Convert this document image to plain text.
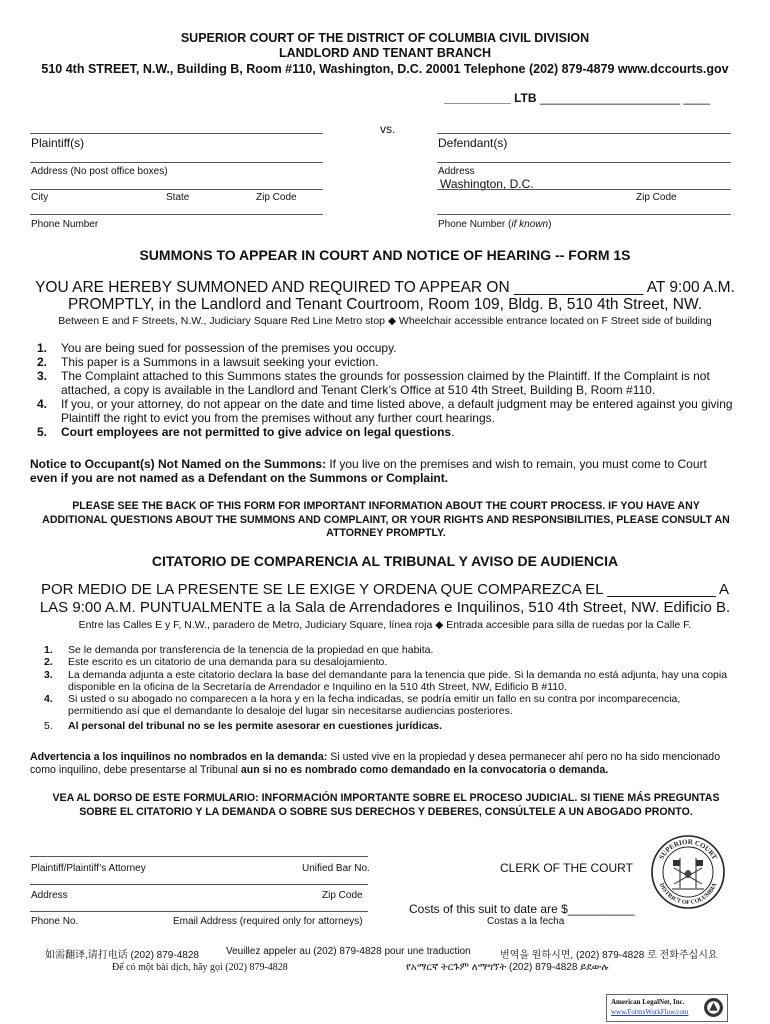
SUPERIOR COURT OF THE DISTRICT OF COLUMBIA CIVIL DIVISION
LANDLORD AND TENANT BRANCH
510 4th STREET, N.W., Building B, Room #110, Washington, D.C. 20001 Telephone (202) 879-4879 www.dccourts.gov
__________ LTB _____________________ ____
vs.
Plaintiff(s)	Defendant(s)
Address (No post office boxes)	Address
Washington, D.C.
City	State	Zip Code	Zip Code
Phone Number	Phone Number (if known)
SUMMONS TO APPEAR IN COURT AND NOTICE OF HEARING -- FORM 1S
YOU ARE HEREBY SUMMONED AND REQUIRED TO APPEAR ON _______________ AT 9:00 A.M.
PROMPTLY, in the Landlord and Tenant Courtroom, Room 109, Bldg. B, 510 4th Street, NW.
Between E and F Streets, N.W., Judiciary Square Red Line Metro stop ◆ Wheelchair accessible entrance located on F Street side of building
1. You are being sued for possession of the premises you occupy.
2. This paper is a Summons in a lawsuit seeking your eviction.
3. The Complaint attached to this Summons states the grounds for possession claimed by the Plaintiff. If the Complaint is not attached, a copy is available in the Landlord and Tenant Clerk’s Office at 510 4th Street, Building B, Room #110.
4. If you, or your attorney, do not appear on the date and time listed above, a default judgment may be entered against you giving Plaintiff the right to evict you from the premises without any further court hearings.
5. Court employees are not permitted to give advice on legal questions.
Notice to Occupant(s) Not Named on the Summons: If you live on the premises and wish to remain, you must come to Court even if you are not named as a Defendant on the Summons or Complaint.
PLEASE SEE THE BACK OF THIS FORM FOR IMPORTANT INFORMATION ABOUT THE COURT PROCESS. IF YOU HAVE ANY ADDITIONAL QUESTIONS ABOUT THE SUMMONS AND COMPLAINT, OR YOUR RIGHTS AND RESPONSIBILITIES, PLEASE CONSULT AN ATTORNEY PROMPTLY.
CITATORIO DE COMPARENCIA AL TRIBUNAL Y AVISO DE AUDIENCIA
POR MEDIO DE LA PRESENTE SE LE EXIGE Y ORDENA QUE COMPAREZCA EL _____________ A
LAS 9:00 A.M. PUNTUALMENTE a la Sala de Arrendadores e Inquilinos, 510 4th Street, NW. Edificio B.
Entre las Calles E y F, N.W., paradero de Metro, Judiciary Square, línea roja ◆ Entrada accesible para silla de ruedas por la Calle F.
1. Se le demanda por transferencia de la tenencia de la propiedad en que habita.
2. Este escrito es un citatorio de una demanda para su desalojamiento.
3. La demanda adjunta a este citatorio declara la base del demandante para la tenencia que pide. Si la demanda no está adjunta, hay una copia disponible en la oficina de la Secretaría de Arrendador e Inquilino en la 510 4th Street, NW, Edificio B #110.
4. Si usted o su abogado no comparecen a la hora y en la fecha indicadas, se podría emitir un fallo en su contra por incomparecencia, permitiendo así que el demandante lo desaloje del lugar sin necesitarse audiencias posteriores.
5. Al personal del tribunal no se les permite asesorar en cuestiones jurídicas.
Advertencia a los inquilinos no nombrados en la demanda: Si usted vive en la propiedad y desea permanecer ahí pero no ha sido mencionado como inquilino, debe presentarse al Tribunal aun si no es nombrado como demandado en la convocatoria o demanda.
VEA AL DORSO DE ESTE FORMULARIO: INFORMACIÓN IMPORTANTE SOBRE EL PROCESO JUDICIAL. SI TIENE MÁS PREGUNTAS SOBRE EL CITATORIO Y LA DEMANDA O SOBRE SUS DERECHOS Y DEBERES, CONSÚLTELE A UN ABOGADO PRONTO.
Plaintiff/Plaintiff’s Attorney	Unified Bar No.
Address	Zip Code
Phone No.	Email Address (required only for attorneys)
CLERK OF THE COURT
SUPERIOR COURT
DISTRICT OF COLUMBIA
Costs of this suit to date are $__________
Costas a la fecha
如需翻译,请打电话 (202) 879-4828	Veuillez appeler au (202) 879-4828 pour une traduction	번역을 원하시면, (202) 879-4828 로 전화주십시요
Để có một bài dịch, hãy gọi (202) 879-4828	የአማርኛ ትርጉም ለማግኘት (202) 879-4828 ይደውሉ
American LegalNet, Inc.
www.FormsWorkFlow.com
